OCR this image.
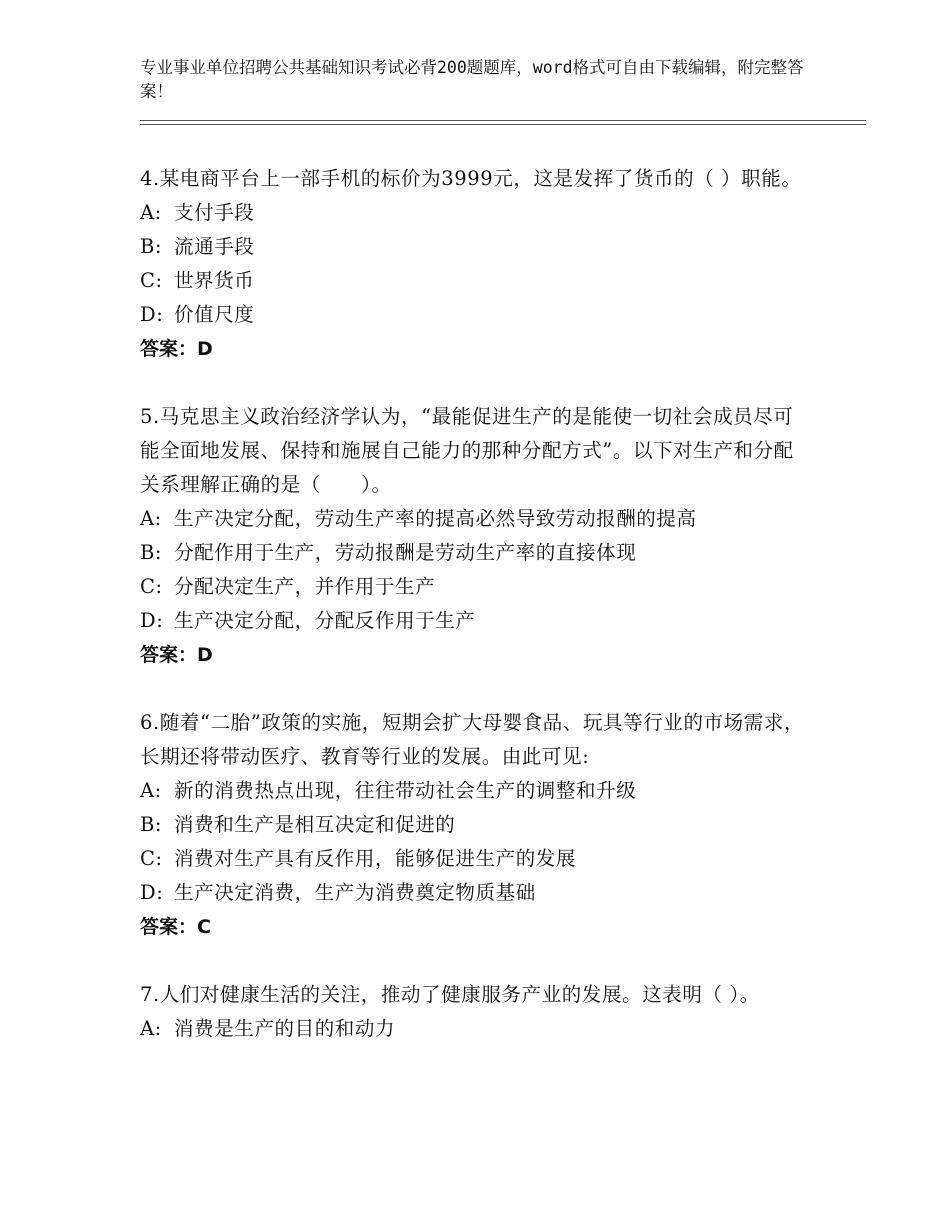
专业事业单位招聘公共基础知识考试必背200题题库，word格式可自由下载编辑，附完整答案！

4.某电商平台上一部手机的标价为3999元，这是发挥了货币的（ ）职能。

A: 支付手段

B: 流通手段

C: 世界货币

D: 价值尺度

答案：D

5.马克思主义政治经济学认为，“最能促进生产的是能使一切社会成员尽可能全面地发展、保持和施展自己能力的那种分配方式”。以下对生产和分配关系理解正确的是（　　）。

A: 生产决定分配，劳动生产率的提高必然导致劳动报酬的提高

B: 分配作用于生产，劳动报酬是劳动生产率的直接体现

C: 分配决定生产，并作用于生产

D: 生产决定分配，分配反作用于生产

答案：D

6.随着“二胎”政策的实施，短期会扩大母婴食品、玩具等行业的市场需求，长期还将带动医疗、教育等行业的发展。由此可见:

A: 新的消费热点出现，往往带动社会生产的调整和升级

B: 消费和生产是相互决定和促进的

C: 消费对生产具有反作用，能够促进生产的发展

D: 生产决定消费，生产为消费奠定物质基础

答案：C

7.人们对健康生活的关注，推动了健康服务产业的发展。这表明（ ）。

A: 消费是生产的目的和动力
